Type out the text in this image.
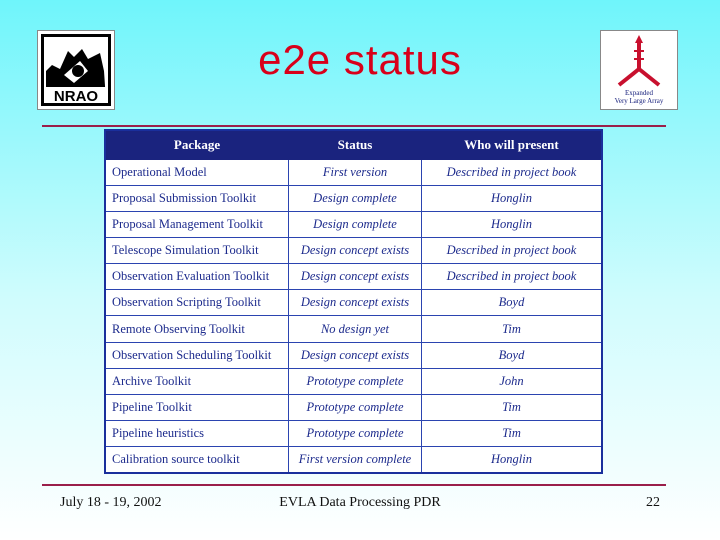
NRAO
e2e status
Expanded
Very Large Array
Package	Status	Who will present
Operational Model	First version	Described in project book
Proposal Submission Toolkit	Design complete	Honglin
Proposal Management Toolkit	Design complete	Honglin
Telescope Simulation Toolkit	Design concept exists	Described in project book
Observation Evaluation Toolkit	Design concept exists	Described in project book
Observation Scripting Toolkit	Design concept exists	Boyd
Remote Observing Toolkit	No design yet	Tim
Observation Scheduling Toolkit	Design concept exists	Boyd
Archive Toolkit	Prototype complete	John
Pipeline Toolkit	Prototype complete	Tim
Pipeline heuristics	Prototype complete	Tim
Calibration source toolkit	First version complete	Honglin
July 18 - 19, 2002	EVLA Data Processing PDR	22
